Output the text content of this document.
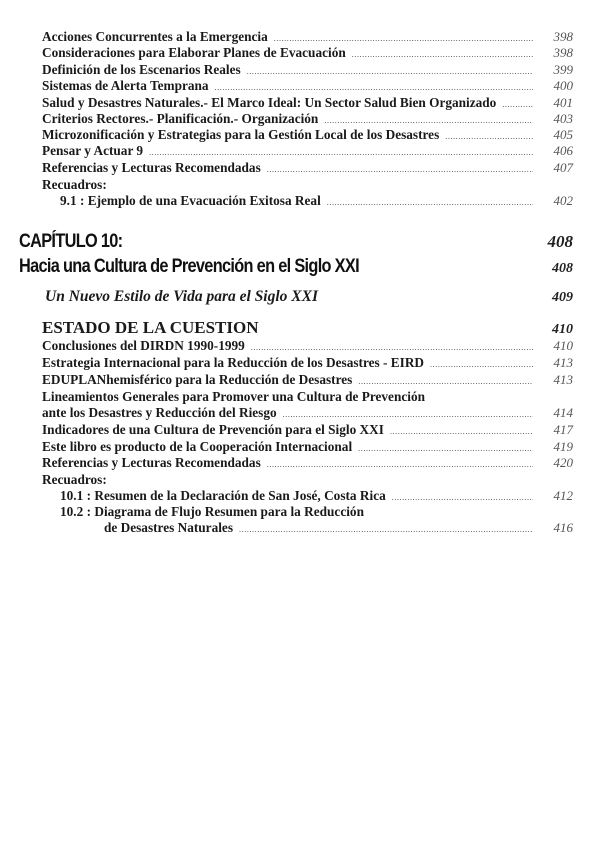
Acciones Concurrentes a la Emergencia .....	398
Consideraciones para Elaborar Planes de Evacuación .....	398
Definición de los Escenarios Reales .....	399
Sistemas de Alerta Temprana .....	400
Salud y Desastres Naturales.- El Marco Ideal: Un Sector Salud Bien Organizado .....	401
Criterios Rectores.- Planificación.- Organización .....	403
Microzonificación y Estrategias para la Gestión Local de los Desastres .....	405
Pensar y Actuar 9 .....	406
Referencias y Lecturas Recomendadas .....	407
Recuadros:
9.1 : Ejemplo de una Evacuación Exitosa Real .....	402
CAPÍTULO 10:	408
Hacia una Cultura de Prevención en el Siglo XXI	408
Un Nuevo Estilo de Vida para el Siglo XXI	409
ESTADO DE LA CUESTION	410
Conclusiones del DIRDN 1990-1999 .....	410
Estrategia Internacional para la Reducción de los Desastres - EIRD .....	413
EDUPLANhemisférico para la Reducción de Desastres .....	413
Lineamientos Generales para Promover una Cultura de Prevención
ante los Desastres y Reducción del Riesgo .....	414
Indicadores de una Cultura de Prevención para el Siglo XXI .....	417
Este libro es producto de la Cooperación Internacional .....	419
Referencias y Lecturas Recomendadas .....	420
Recuadros:
10.1 : Resumen de la Declaración de San José, Costa Rica .....	412
10.2 : Diagrama de Flujo Resumen para la Reducción
de Desastres Naturales .....	416
